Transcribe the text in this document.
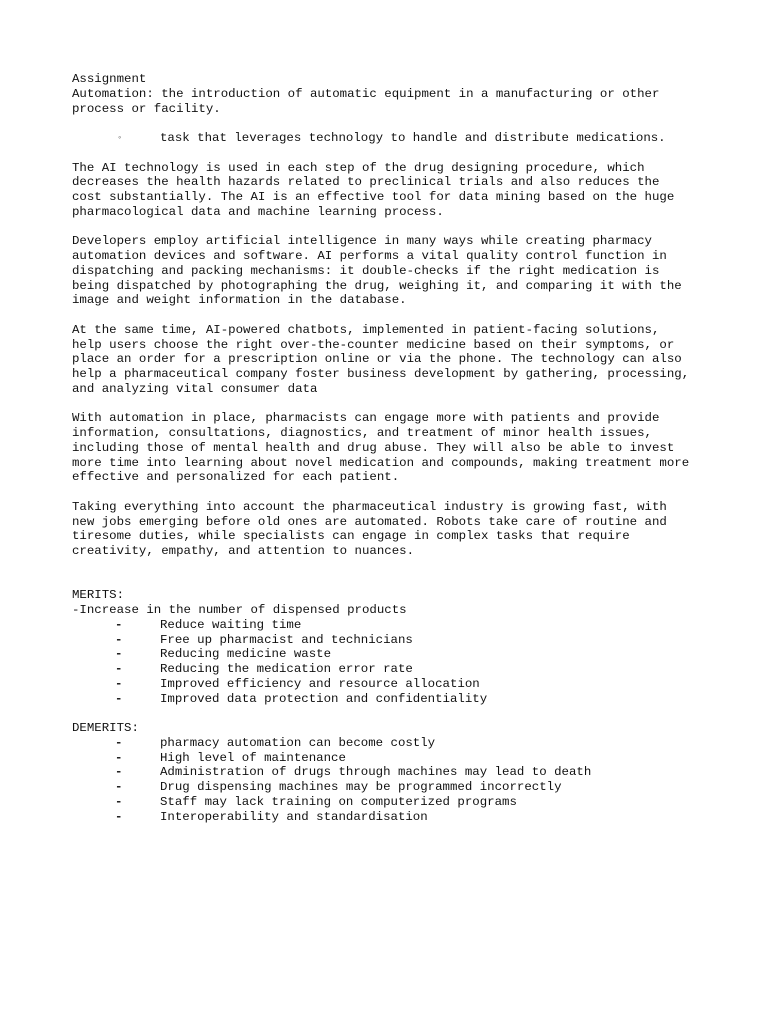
Assignment
Automation: the introduction of automatic equipment in a manufacturing or other
process or facility.

◦

	task that leverages technology to handle and distribute medications.

The AI technology is used in each step of the drug designing procedure, which
decreases the health hazards related to preclinical trials and also reduces the
cost substantially. The AI is an effective tool for data mining based on the huge
pharmacological data and machine learning process.
Developers employ artificial intelligence in many ways while creating pharmacy
automation devices and software. AI performs a vital quality control function in
dispatching and packing mechanisms: it double-checks if the right medication is
being dispatched by photographing the drug, weighing it, and comparing it with the
image and weight information in the database.
At the same time, AI-powered chatbots, implemented in patient-facing solutions,
help users choose the right over-the-counter medicine based on their symptoms, or
place an order for a prescription online or via the phone. The technology can also
help a pharmaceutical company foster business development by gathering, processing,
and analyzing vital consumer data
With automation in place, pharmacists can engage more with patients and provide
information, consultations, diagnostics, and treatment of minor health issues,
including those of mental health and drug abuse. They will also be able to invest
more time into learning about novel medication and compounds, making treatment more
effective and personalized for each patient.
Taking everything into account the pharmaceutical industry is growing fast, with
new jobs emerging before old ones are automated. Robots take care of routine and
tiresome duties, while specialists can engage in complex tasks that require
creativity, empathy, and attention to nuances.
MERITS:
-Increase in the number of dispensed products

-

	Reduce waiting time

-

	Free up pharmacist and technicians

-

	Reducing medicine waste

-

	Reducing the medication error rate

-

	Improved efficiency and resource allocation

-

	Improved data protection and confidentiality

DEMERITS:

-

	pharmacy automation can become costly

-

	High level of maintenance

-

	Administration of drugs through machines may lead to death

-

	Drug dispensing machines may be programmed incorrectly

-

	Staff may lack training on computerized programs

-

	Interoperability and standardisation
